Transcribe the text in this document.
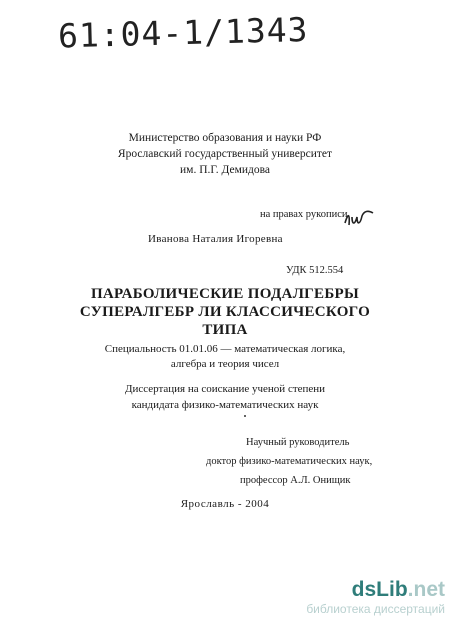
61:04-1/1343
Министерство образования и науки РФ
Ярославский государственный университет
им. П.Г. Демидова
на правах рукописи
Иванова Наталия Игоревна
УДК 512.554
ПАРАБОЛИЧЕСКИЕ ПОДАЛГЕБРЫ
СУПЕРАЛГЕБР ЛИ КЛАССИЧЕСКОГО
ТИПА
Специальность 01.01.06 — математическая логика,
алгебра и теория чисел
Диссертация на соискание ученой степени
кандидата физико-математических наук
Научный руководитель
доктор физико-математических наук,
профессор А.Л. Онищик
Ярославль - 2004
dsLib.net
библиотека диссертаций
